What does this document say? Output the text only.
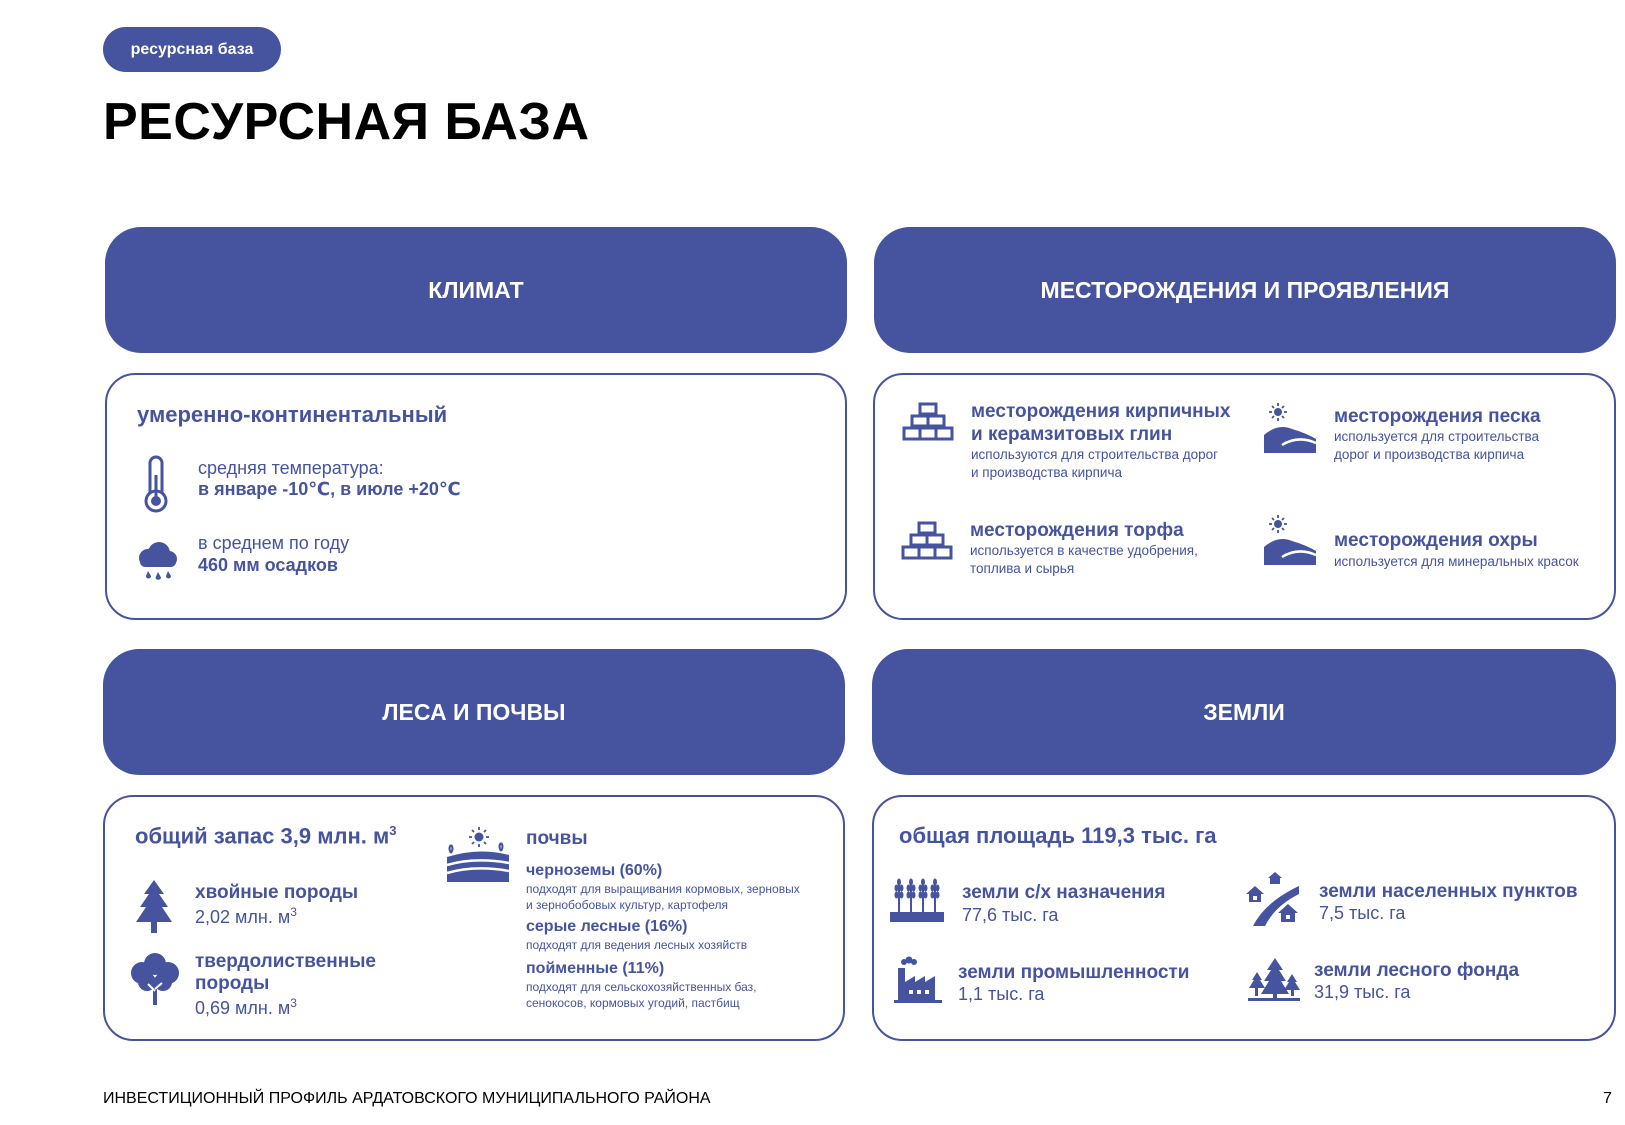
ресурсная база
РЕСУРСНАЯ БАЗА
КЛИМАТ	МЕСТОРОЖДЕНИЯ И ПРОЯВЛЕНИЯ
ЛЕСА И ПОЧВЫ	ЗЕМЛИ
умеренно-континентальный
средняя температура:
в январе -10℃, в июле +20℃
в среднем по году
460 мм осадков
месторождения кирпичных
и керамзитовых глин
используются для строительства дорог
и производства кирпича
месторождения песка
используется для строительства
дорог и производства кирпича
месторождения торфа
используется в качестве удобрения,
топлива и сырья
месторождения охры
используется для минеральных красок
общий запас 3,9 млн. $м^3$
хвойные породы
2,02 млн. $м^3$
твердолиственные
породы
0,69 млн. $м^3$
почвы
черноземы (60%)
подходят для выращивания кормовых, зерновых
и зернобобовых культур, картофеля
серые лесные (16%)
подходят для ведения лесных хозяйств
пойменные (11%)
подходят для сельскохозяйственных баз,
сенокосов, кормовых угодий, пастбищ
общая площадь 119,3 тыс. га
земли с/х назначения
77,6 тыс. га
земли населенных пунктов
7,5 тыс. га
земли промышленности
1,1 тыс. га
земли лесного фонда
31,9 тыс. га
ИНВЕСТИЦИОННЫЙ ПРОФИЛЬ АРДАТОВСКОГО МУНИЦИПАЛЬНОГО РАЙОНА	7
